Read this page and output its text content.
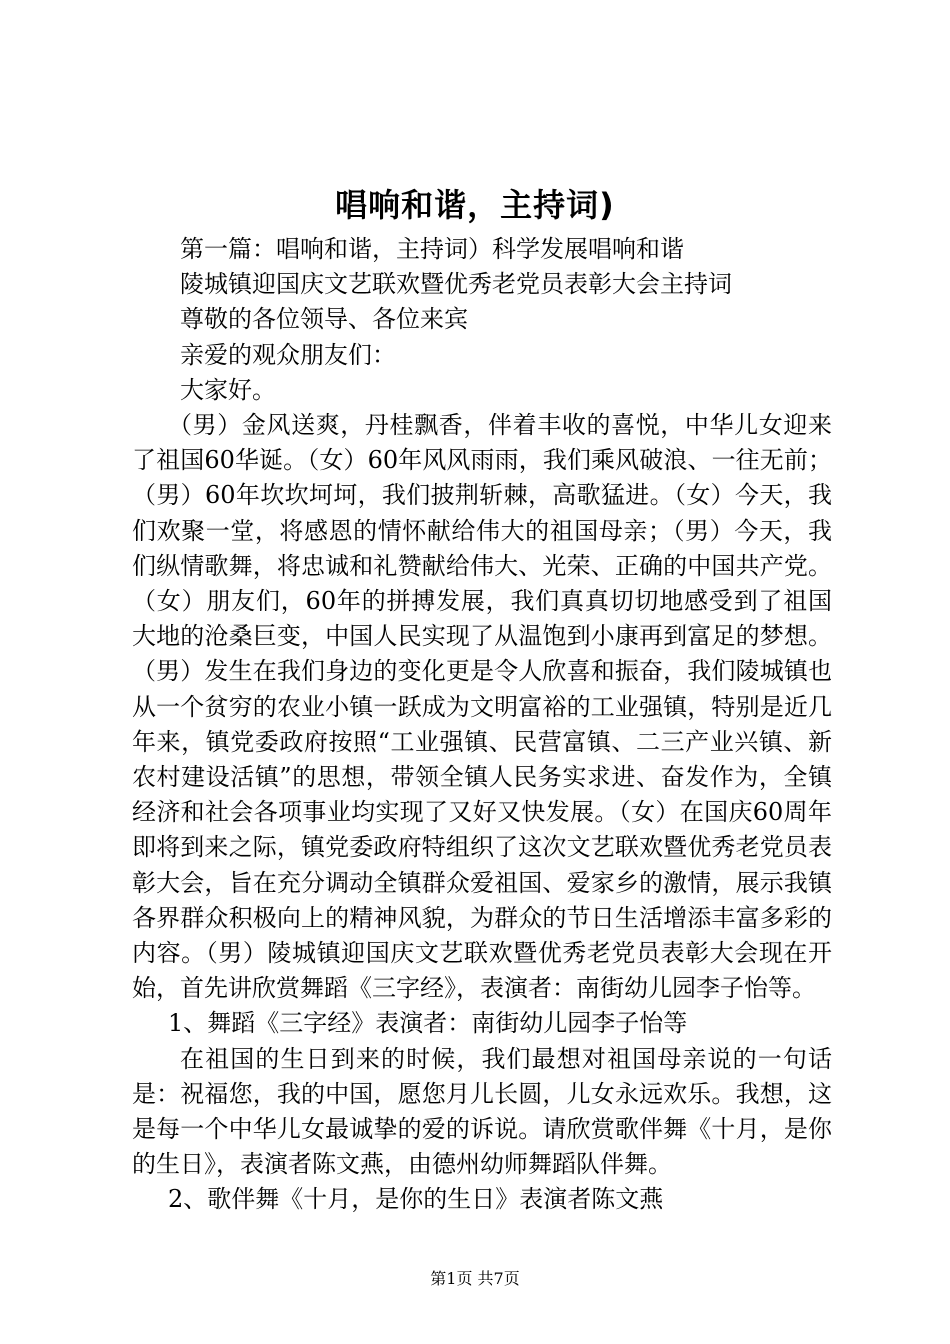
唱响和谐，主持词)

第一篇：唱响和谐，主持词）科学发展唱响和谐

陵城镇迎国庆文艺联欢暨优秀老党员表彰大会主持词

尊敬的各位领导、各位来宾

亲爱的观众朋友们：

大家好。

（男）金风送爽，丹桂飘香，伴着丰收的喜悦，中华儿女迎来了祖国60华诞。（女）60年风风雨雨，我们乘风破浪、一往无前；（男）60年坎坎坷坷，我们披荆斩棘，高歌猛进。（女）今天，我们欢聚一堂，将感恩的情怀献给伟大的祖国母亲；（男）今天，我们纵情歌舞，将忠诚和礼赞献给伟大、光荣、正确的中国共产党。（女）朋友们，60年的拼搏发展，我们真真切切地感受到了祖国大地的沧桑巨变，中国人民实现了从温饱到小康再到富足的梦想。（男）发生在我们身边的变化更是令人欣喜和振奋，我们陵城镇也从一个贫穷的农业小镇一跃成为文明富裕的工业强镇，特别是近几年来，镇党委政府按照“工业强镇、民营富镇、二三产业兴镇、新农村建设活镇”的思想，带领全镇人民务实求进、奋发作为，全镇经济和社会各项事业均实现了又好又快发展。（女）在国庆60周年即将到来之际，镇党委政府特组织了这次文艺联欢暨优秀老党员表彰大会，旨在充分调动全镇群众爱祖国、爱家乡的激情，展示我镇各界群众积极向上的精神风貌，为群众的节日生活增添丰富多彩的内容。（男）陵城镇迎国庆文艺联欢暨优秀老党员表彰大会现在开始，首先讲欣赏舞蹈《三字经》，表演者：南街幼儿园李子怡等。

1、舞蹈《三字经》表演者：南街幼儿园李子怡等

在祖国的生日到来的时候，我们最想对祖国母亲说的一句话是：祝福您，我的中国，愿您月儿长圆，儿女永远欢乐。我想，这是每一个中华儿女最诚挚的爱的诉说。请欣赏歌伴舞《十月，是你的生日》，表演者陈文燕，由德州幼师舞蹈队伴舞。

2、歌伴舞《十月，是你的生日》表演者陈文燕

第1页 共7页
